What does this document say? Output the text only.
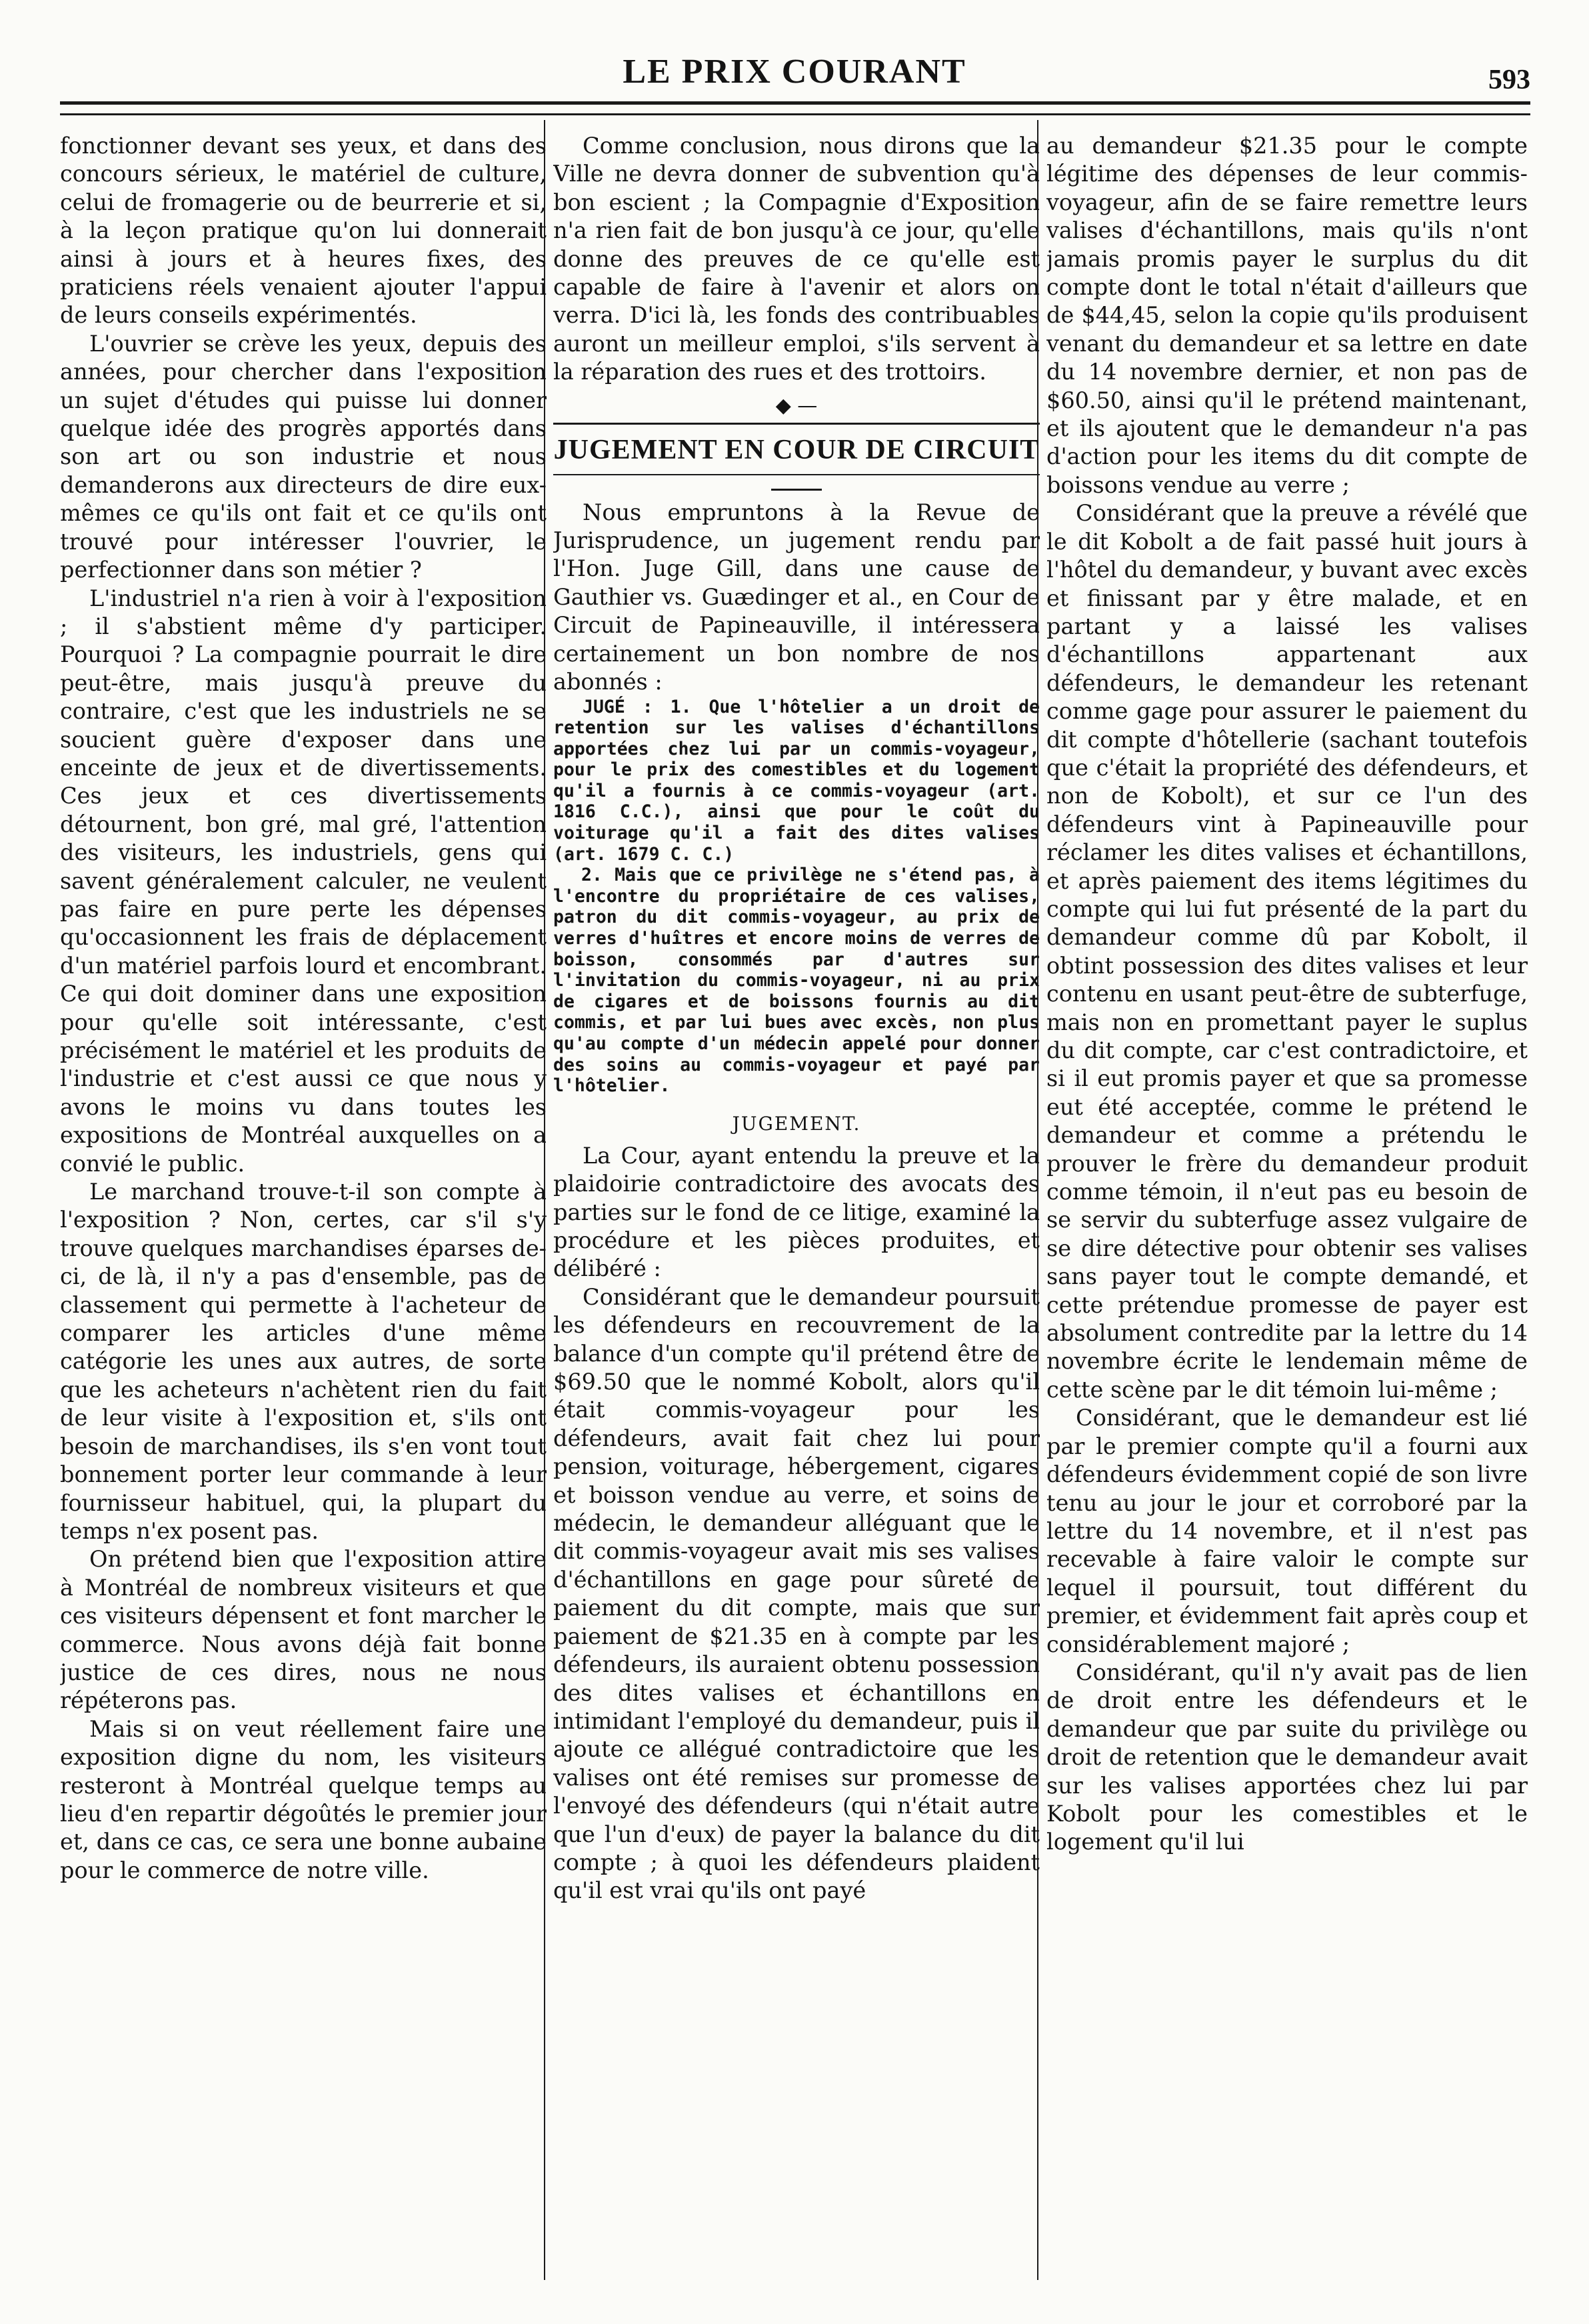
LE PRIX COURANT	593

fonctionner devant ses yeux, et dans des concours sérieux, le matériel de culture, celui de fromagerie ou de beurrerie et si, à la leçon pratique qu'on lui donnerait ainsi à jours et à heures fixes, des praticiens réels venaient ajouter l'appui de leurs conseils expérimentés.

L'ouvrier se crève les yeux, depuis des années, pour chercher dans l'exposition un sujet d'études qui puisse lui donner quelque idée des progrès apportés dans son art ou son industrie et nous demanderons aux directeurs de dire eux-mêmes ce qu'ils ont fait et ce qu'ils ont trouvé pour intéresser l'ouvrier, le perfectionner dans son métier ?

L'industriel n'a rien à voir à l'exposition ; il s'abstient même d'y participer. Pourquoi ? La compagnie pourrait le dire peut-être, mais jusqu'à preuve du contraire, c'est que les industriels ne se soucient guère d'exposer dans une enceinte de jeux et de divertissements. Ces jeux et ces divertissements détournent, bon gré, mal gré, l'attention des visiteurs, les industriels, gens qui savent généralement calculer, ne veulent pas faire en pure perte les dépenses qu'occasionnent les frais de déplacement d'un matériel parfois lourd et encombrant. Ce qui doit dominer dans une exposition pour qu'elle soit intéressante, c'est précisément le matériel et les produits de l'industrie et c'est aussi ce que nous y avons le moins vu dans toutes les expositions de Montréal auxquelles on a convié le public.

Le marchand trouve-t-il son compte à l'exposition ? Non, certes, car s'il s'y trouve quelques marchandises éparses de-ci, de là, il n'y a pas d'ensemble, pas de classement qui permette à l'acheteur de comparer les articles d'une même catégorie les unes aux autres, de sorte que les acheteurs n'achètent rien du fait de leur visite à l'exposition et, s'ils ont besoin de marchandises, ils s'en vont tout bonnement porter leur commande à leur fournisseur habituel, qui, la plupart du temps n'ex posent pas.

On prétend bien que l'exposition attire à Montréal de nombreux visiteurs et que ces visiteurs dépensent et font marcher le commerce. Nous avons déjà fait bonne justice de ces dires, nous ne nous répéterons pas.

Mais si on veut réellement faire une exposition digne du nom, les visiteurs resteront à Montréal quelque temps au lieu d'en repartir dégoûtés le premier jour et, dans ce cas, ce sera une bonne aubaine pour le commerce de notre ville.

Comme conclusion, nous dirons que la Ville ne devra donner de subvention qu'à bon escient ; la Compagnie d'Exposition n'a rien fait de bon jusqu'à ce jour, qu'elle donne des preuves de ce qu'elle est capable de faire à l'avenir et alors on verra. D'ici là, les fonds des contribuables auront un meilleur emploi, s'ils servent à la réparation des rues et des trottoirs.

◆ —
JUGEMENT EN COUR DE CIRCUIT

Nous empruntons à la Revue de Jurisprudence, un jugement rendu par l'Hon. Juge Gill, dans une cause de Gauthier vs. Guædinger et al., en Cour de Circuit de Papineauville, il intéressera certainement un bon nombre de nos abonnés :

JUGÉ : 1. Que l'hôtelier a un droit de retention sur les valises d'échantillons apportées chez lui par un commis-voyageur, pour le prix des comestibles et du logement qu'il a fournis à ce commis-voyageur (art. 1816 C.C.), ainsi que pour le coût du voiturage qu'il a fait des dites valises (art. 1679 C. C.)

2. Mais que ce privilège ne s'étend pas, à l'encontre du propriétaire de ces valises, patron du dit commis-voyageur, au prix de verres d'huîtres et encore moins de verres de boisson, consommés par d'autres sur l'invitation du commis-voyageur, ni au prix de cigares et de boissons fournis au dit commis, et par lui bues avec excès, non plus qu'au compte d'un médecin appelé pour donner des soins au commis-voyageur et payé par l'hôtelier.

JUGEMENT.

La Cour, ayant entendu la preuve et la plaidoirie contradictoire des avocats des parties sur le fond de ce litige, examiné la procédure et les pièces produites, et délibéré :

Considérant que le demandeur poursuit les défendeurs en recouvrement de la balance d'un compte qu'il prétend être de $69.50 que le nommé Kobolt, alors qu'il était commis-voyageur pour les défendeurs, avait fait chez lui pour pension, voiturage, hébergement, cigares et boisson vendue au verre, et soins de médecin, le demandeur alléguant que le dit commis-voyageur avait mis ses valises d'échantillons en gage pour sûreté de paiement du dit compte, mais que sur paiement de $21.35 en à compte par les défendeurs, ils auraient obtenu possession des dites valises et échantillons en intimidant l'employé du demandeur, puis il ajoute ce allégué contradictoire que les valises ont été remises sur promesse de l'envoyé des défendeurs (qui n'était autre que l'un d'eux) de payer la balance du dit compte ; à quoi les défendeurs plaident qu'il est vrai qu'ils ont payé

au demandeur $21.35 pour le compte légitime des dépenses de leur commis-voyageur, afin de se faire remettre leurs valises d'échantillons, mais qu'ils n'ont jamais promis payer le surplus du dit compte dont le total n'était d'ailleurs que de $44,45, selon la copie qu'ils produisent venant du demandeur et sa lettre en date du 14 novembre dernier, et non pas de $60.50, ainsi qu'il le prétend maintenant, et ils ajoutent que le demandeur n'a pas d'action pour les items du dit compte de boissons vendue au verre ;

Considérant que la preuve a révélé que le dit Kobolt a de fait passé huit jours à l'hôtel du demandeur, y buvant avec excès et finissant par y être malade, et en partant y a laissé les valises d'échantillons appartenant aux défendeurs, le demandeur les retenant comme gage pour assurer le paiement du dit compte d'hôtellerie (sachant toutefois que c'était la propriété des défendeurs, et non de Kobolt), et sur ce l'un des défendeurs vint à Papineauville pour réclamer les dites valises et échantillons, et après paiement des items légitimes du compte qui lui fut présenté de la part du demandeur comme dû par Kobolt, il obtint possession des dites valises et leur contenu en usant peut-être de subterfuge, mais non en promettant payer le suplus du dit compte, car c'est contradictoire, et si il eut promis payer et que sa promesse eut été acceptée, comme le prétend le demandeur et comme a prétendu le prouver le frère du demandeur produit comme témoin, il n'eut pas eu besoin de se servir du subterfuge assez vulgaire de se dire détective pour obtenir ses valises sans payer tout le compte demandé, et cette prétendue promesse de payer est absolument contredite par la lettre du 14 novembre écrite le lendemain même de cette scène par le dit témoin lui-même ;

Considérant, que le demandeur est lié par le premier compte qu'il a fourni aux défendeurs évidemment copié de son livre tenu au jour le jour et corroboré par la lettre du 14 novembre, et il n'est pas recevable à faire valoir le compte sur lequel il poursuit, tout différent du premier, et évidemment fait après coup et considérablement majoré ;

Considérant, qu'il n'y avait pas de lien de droit entre les défendeurs et le demandeur que par suite du privilège ou droit de retention que le demandeur avait sur les valises apportées chez lui par Kobolt pour les comestibles et le logement qu'il lui
